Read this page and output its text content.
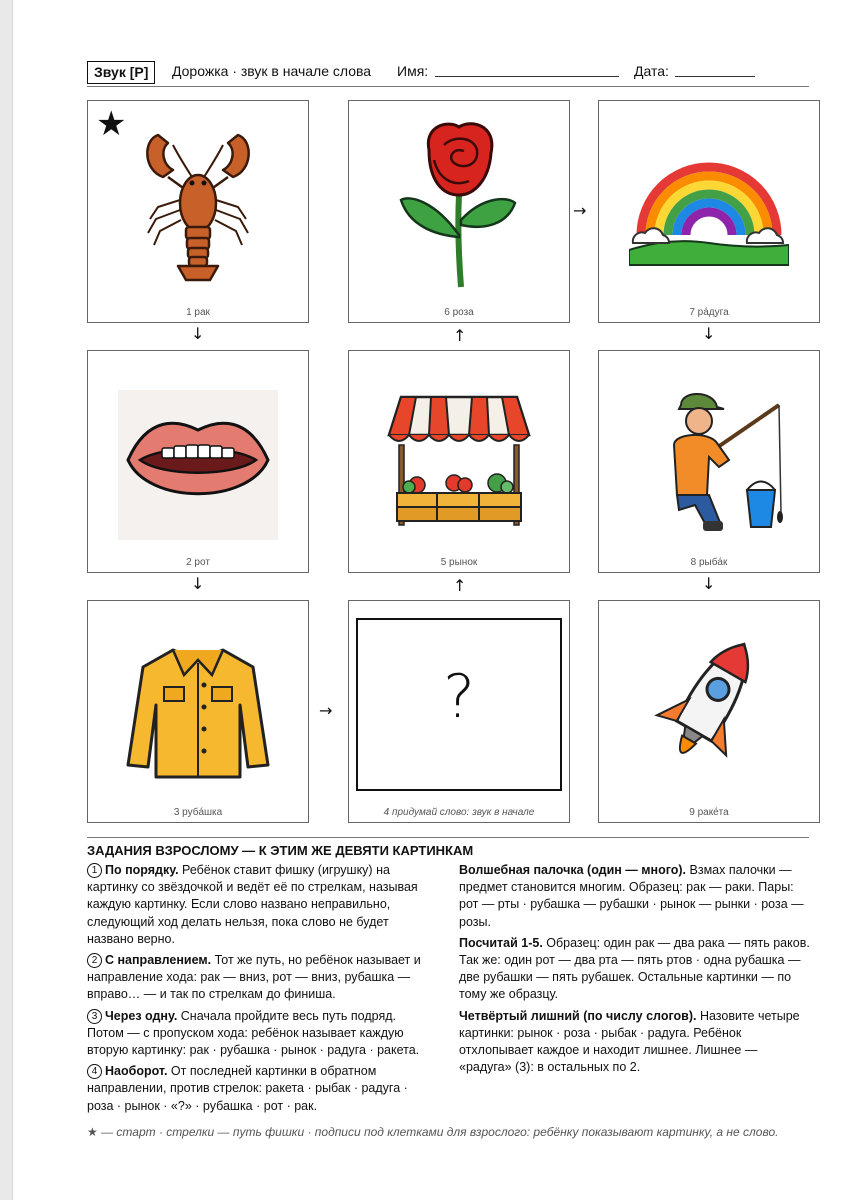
Звук [Р]	Дорожка · звук в начале слова Имя:	Дата:
★
1 рак	6 роза	7 рáдуга
2 рот	5 рынок	8 рыбáк
3 рубáшка
?
4 придумай слово: звук в начале	9 ракéта
↓
↓
→
↑
↑
→
↓
↓
ЗАДАНИЯ ВЗРОСЛОМУ — К ЭТИМ ЖЕ ДЕВЯТИ КАРТИНКАМ

1 По порядку. Ребёнок ставит фишку (игрушку) на картинку со звёздочкой и ведёт её по стрелкам, называя каждую картинку. Если слово названо неправильно, следующий ход делать нельзя, пока слово не будет названо верно.

2 С направлением. Тот же путь, но ребёнок называет и направление хода: рак — вниз, рот — вниз, рубашка — вправо… — и так по стрелкам до финиша.

3 Через одну. Сначала пройдите весь путь подряд. Потом — с пропуском хода: ребёнок называет каждую вторую картинку: рак · рубашка · рынок · радуга · ракета.

4 Наоборот. От последней картинки в обратном направлении, против стрелок: ракета · рыбак · радуга · роза · рынок · «?» · рубашка · рот · рак.

Волшебная палочка (один — много). Взмах палочки — предмет становится многим. Образец: рак — раки. Пары: рот — рты · рубашка — рубашки · рынок — рынки · роза — розы.

Посчитай 1-5. Образец: один рак — два рака — пять раков. Так же: один рот — два рта — пять ртов · одна рубашка — две рубашки — пять рубашек. Остальные картинки — по тому же образцу.

Четвёртый лишний (по числу слогов). Назовите четыре картинки: рынок · роза · рыбак · радуга. Ребёнок отхлопывает каждое и находит лишнее. Лишнее — «радуга» (3): в остальных по 2.

★ — старт · стрелки — путь фишки · подписи под клетками для взрослого: ребёнку показывают картинку, а не слово.
